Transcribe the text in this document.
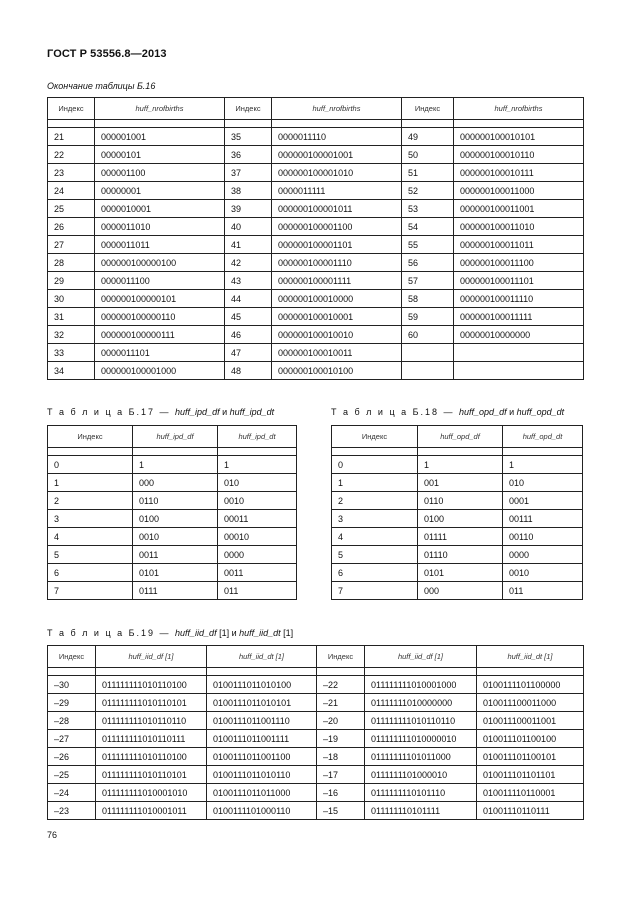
ГОСТ Р 53556.8—2013
Окончание таблицы Б.16
Индекс	huff_nrofbirths	Индекс	huff_nrofbirths	Индекс	huff_nrofbirths

21	000001001	35	0000011110	49	000000100010101
22	00000101	36	000000100001001	50	000000100010110
23	000001100	37	000000100001010	51	000000100010111
24	00000001	38	0000011111	52	000000100011000
25	0000010001	39	000000100001011	53	000000100011001
26	0000011010	40	000000100001100	54	000000100011010
27	0000011011	41	000000100001101	55	000000100011011
28	000000100000100	42	000000100001110	56	000000100011100
29	0000011100	43	000000100001111	57	000000100011101
30	000000100000101	44	000000100010000	58	000000100011110
31	000000100000110	45	000000100010001	59	000000100011111
32	000000100000111	46	000000100010010	60	00000010000000
33	0000011101	47	000000100010011		
34	000000100001000	48	000000100010100		
Т а б л и ц а Б.17 — huff_ipd_df и huff_ipd_dt
Индекс	huff_ipd_df	huff_ipd_dt

0	1	1
1	000	010
2	0110	0010
3	0100	00011
4	0010	00010
5	0011	0000
6	0101	0011
7	0111	011
Т а б л и ц а Б.18 — huff_opd_df и huff_opd_dt
Индекс	huff_opd_df	huff_opd_dt

0	1	1
1	001	010
2	0110	0001
3	0100	00111
4	01111	00110
5	01110	0000
6	0101	0010
7	000	011
Т а б л и ц а Б.19 — huff_iid_df [1] и huff_iid_dt [1]
Индекс	huff_iid_df [1]	huff_iid_dt [1]	Индекс	huff_iid_df [1]	huff_iid_dt [1]

–30	011111111010110100	0100111011010100	–22	011111111010001000	0100111101100000
–29	011111111010110101	0100111011010101	–21	01111111010000000	010011100011000
–28	011111111010110110	0100111011001110	–20	011111111010110110	010011100011001
–27	011111111010110111	0100111011001111	–19	011111111010000010	010011101100100
–26	011111111010110100	0100111011001100	–18	01111111101011000	010011101100101
–25	011111111010110101	0100111011010110	–17	0111111101000010	010011101101101
–24	011111111010001010	0100111011011000	–16	0111111110101110	010011110110001
–23	011111111010001011	0100111101000110	–15	011111110101111	01001110110111
76
